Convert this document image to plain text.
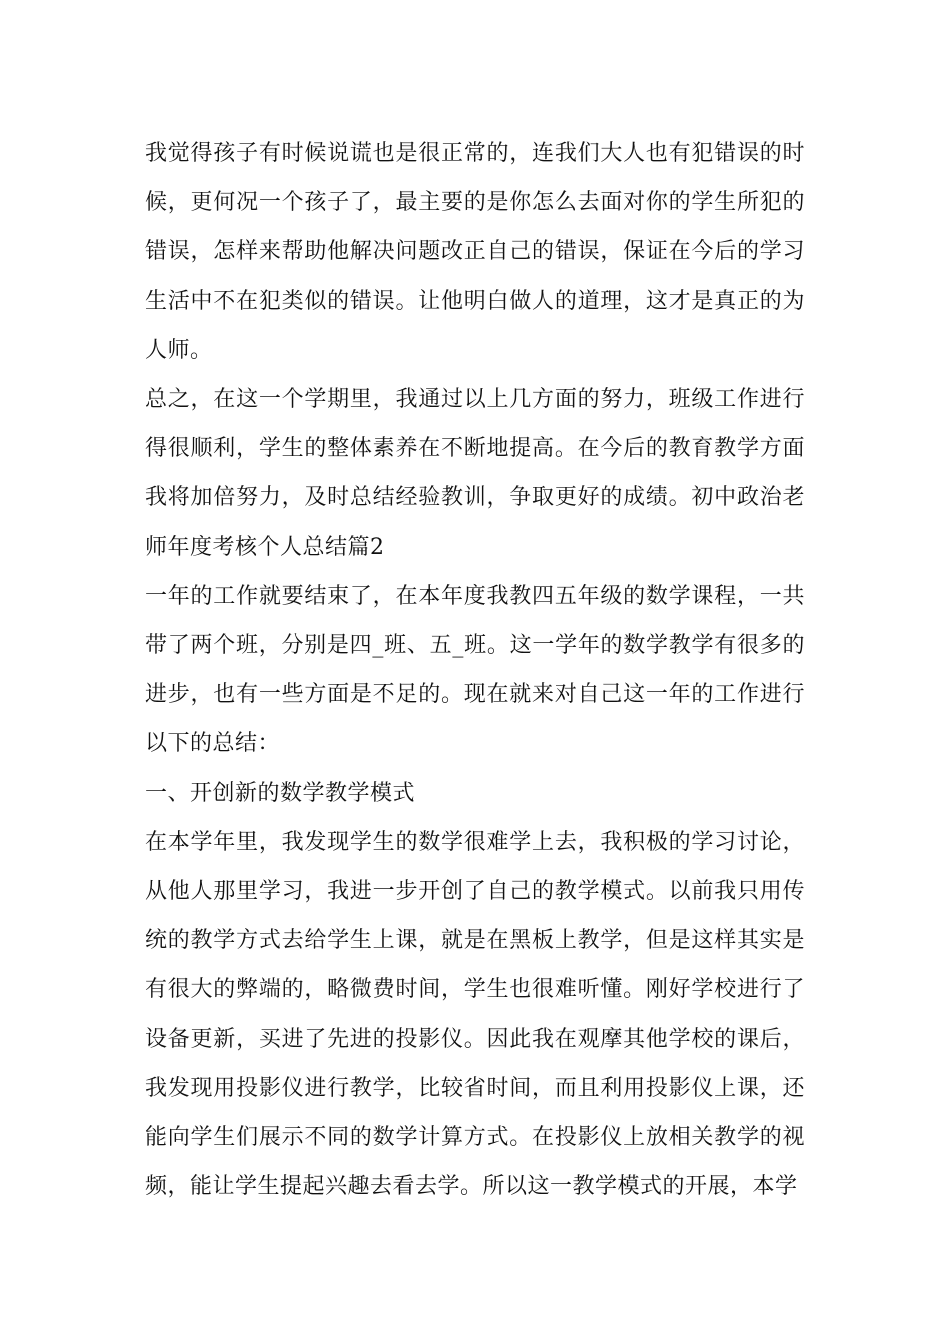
我觉得孩子有时候说谎也是很正常的，连我们大人也有犯错误的时候，更何况一个孩子了，最主要的是你怎么去面对你的学生所犯的错误，怎样来帮助他解决问题改正自己的错误，保证在今后的学习生活中不在犯类似的错误。让他明白做人的道理，这才是真正的为人师。

总之，在这一个学期里，我通过以上几方面的努力，班级工作进行得很顺利，学生的整体素养在不断地提高。在今后的教育教学方面我将加倍努力，及时总结经验教训，争取更好的成绩。初中政治老师年度考核个人总结篇2

一年的工作就要结束了，在本年度我教四五年级的数学课程，一共带了两个班，分别是四_班、五_班。这一学年的数学教学有很多的进步，也有一些方面是不足的。现在就来对自己这一年的工作进行以下的总结：

一、开创新的数学教学模式

在本学年里，我发现学生的数学很难学上去，我积极的学习讨论，从他人那里学习，我进一步开创了自己的教学模式。以前我只用传统的教学方式去给学生上课，就是在黑板上教学，但是这样其实是有很大的弊端的，略微费时间，学生也很难听懂。刚好学校进行了设备更新，买进了先进的投影仪。因此我在观摩其他学校的课后，我发现用投影仪进行教学，比较省时间，而且利用投影仪上课，还能向学生们展示不同的数学计算方式。在投影仪上放相关教学的视频，能让学生提起兴趣去看去学。所以这一教学模式的开展，本学
